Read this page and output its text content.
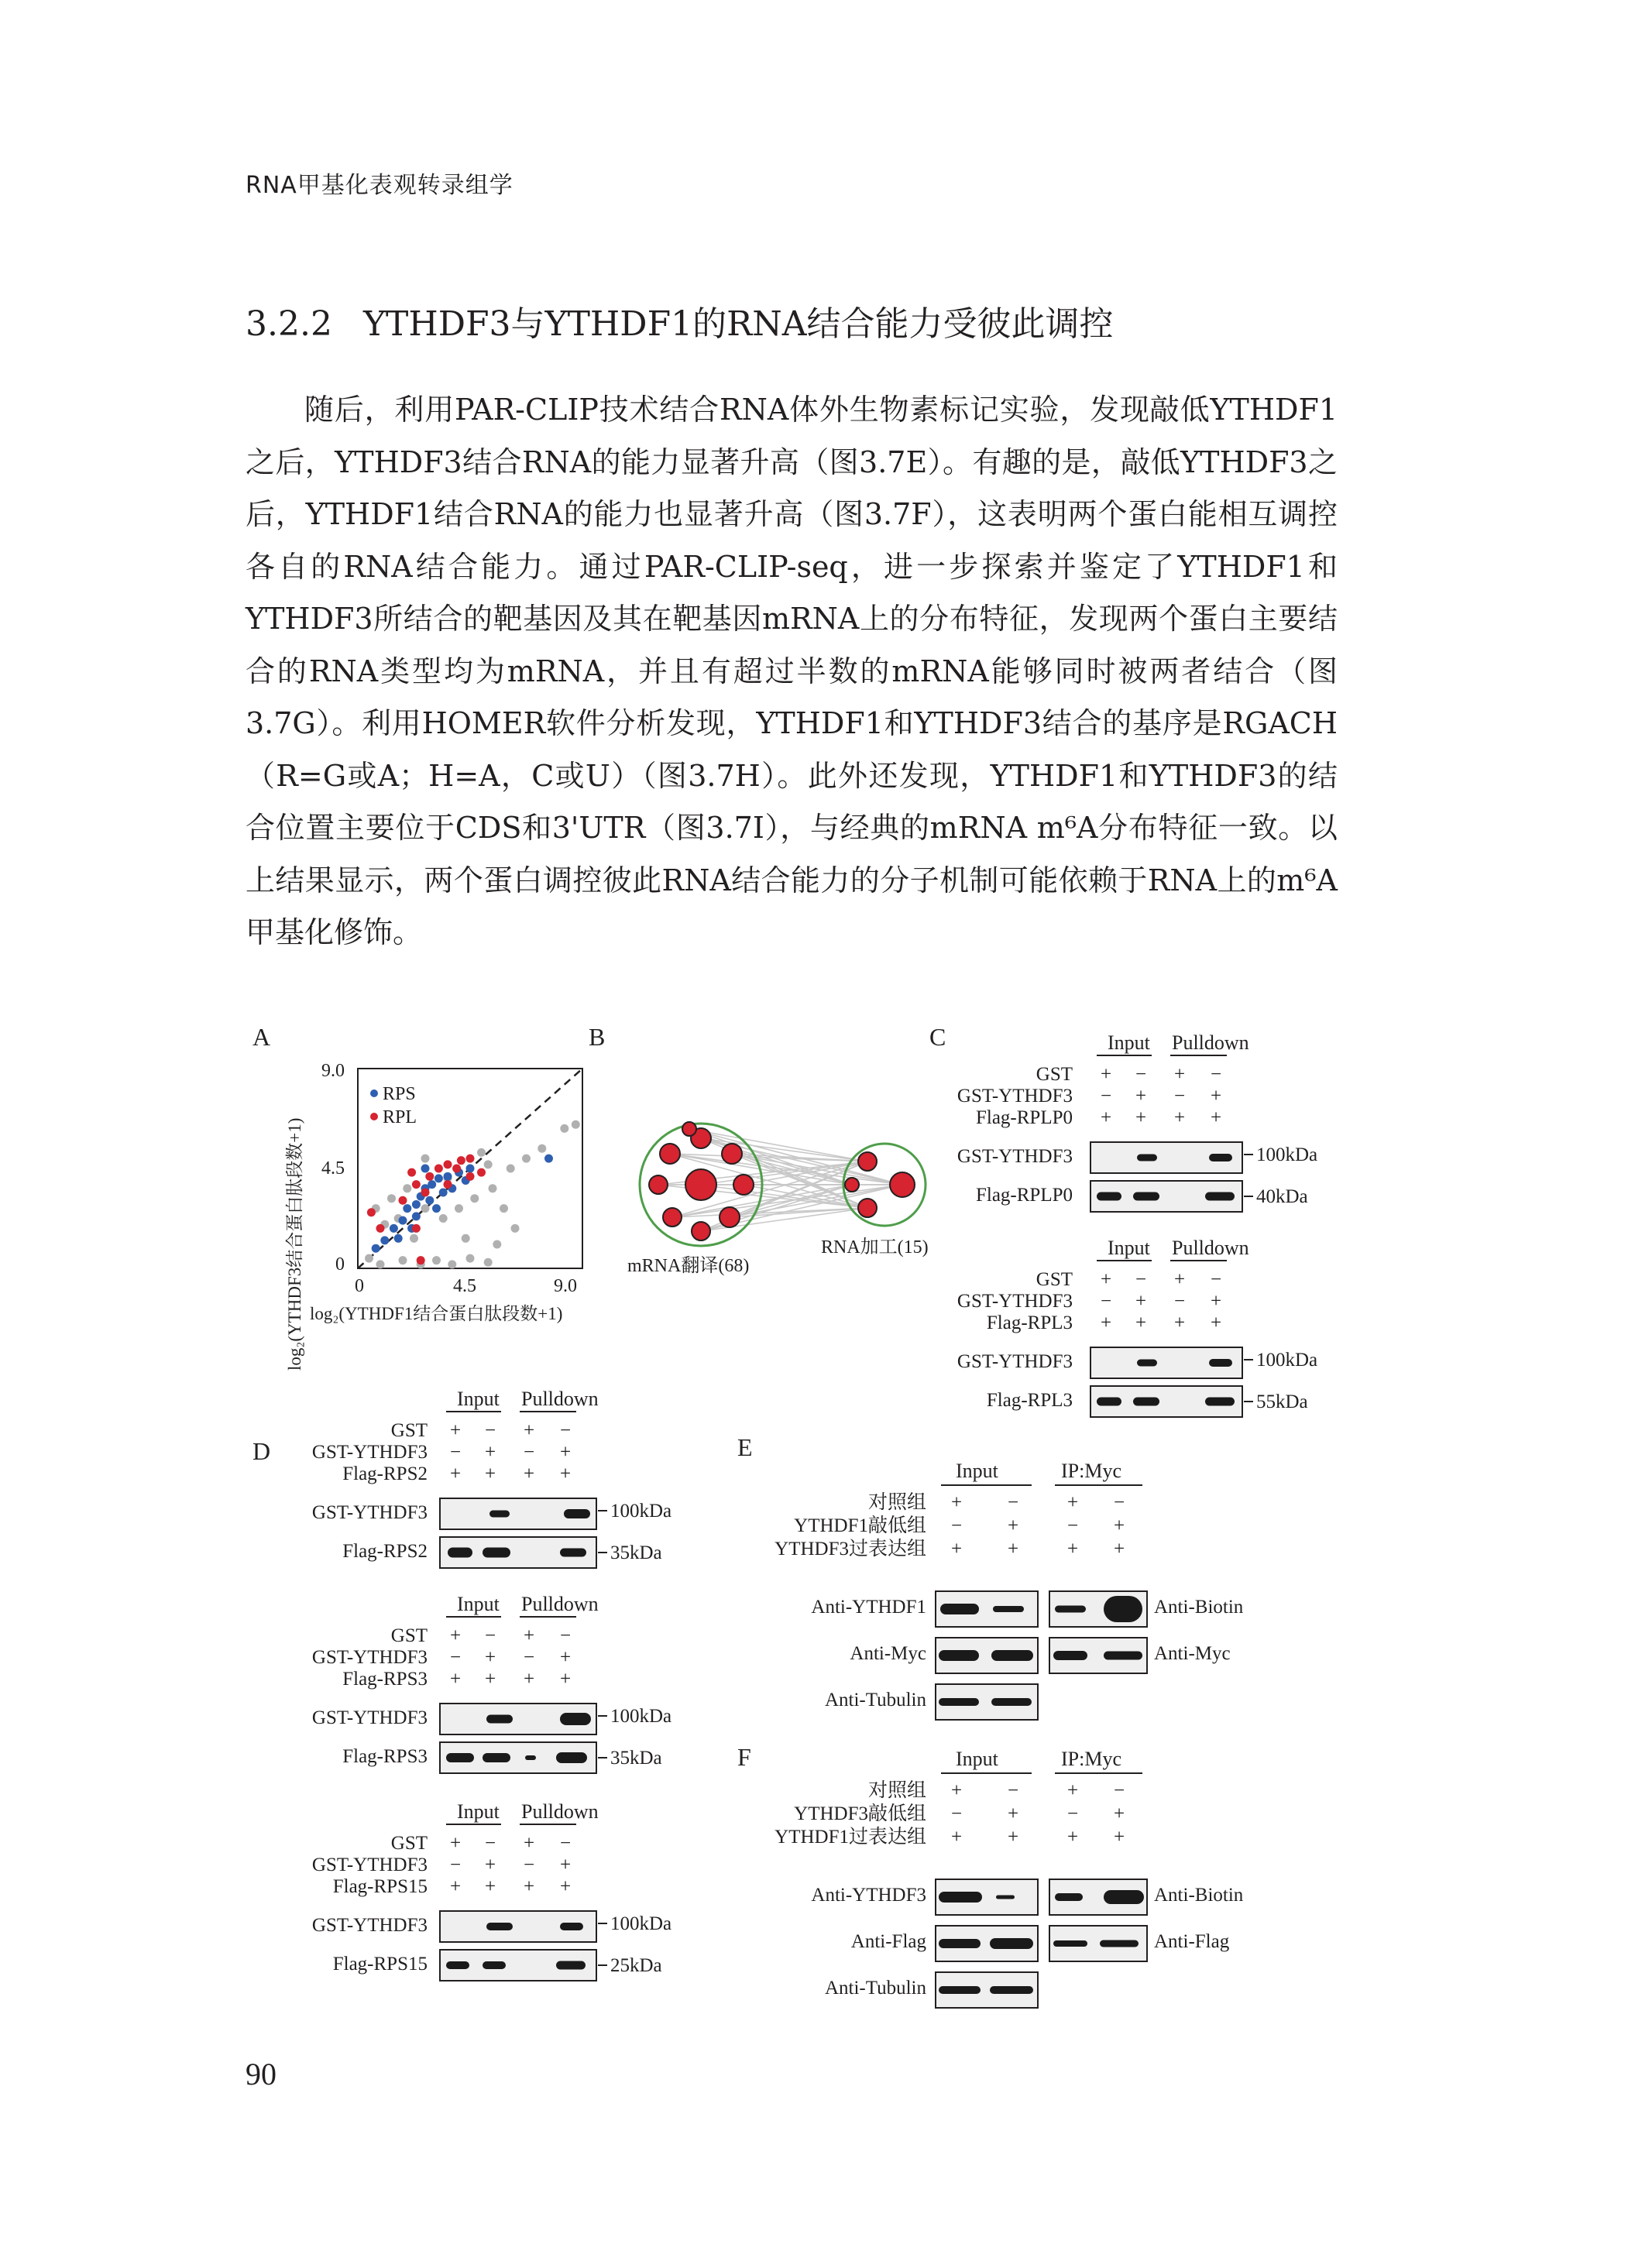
RNA甲基化表观转录组学
3.2.2 YTHDF3与YTHDF1的RNA结合能力受彼此调控

随后，利用PAR-CLIP技术结合RNA体外生物素标记实验，发现敲低YTHDF1之后，YTHDF3结合RNA的能力显著升高（图3.7E）。有趣的是，敲低YTHDF3之后，YTHDF1结合RNA的能力也显著升高（图3.7F），这表明两个蛋白能相互调控各自的RNA结合能力。通过PAR-CLIP-seq，进一步探索并鉴定了YTHDF1和YTHDF3所结合的靶基因及其在靶基因mRNA上的分布特征，发现两个蛋白主要结合的RNA类型均为mRNA，并且有超过半数的mRNA能够同时被两者结合（图3.7G）。利用HOMER软件分析发现，YTHDF1和YTHDF3结合的基序是RGACH（R=G或A；H=A，C或U）（图3.7H）。此外还发现，YTHDF1和YTHDF3的结合位置主要位于CDS和3'UTR（图3.7I），与经典的mRNA m⁶A分布特征一致。以上结果显示，两个蛋白调控彼此RNA结合能力的分子机制可能依赖于RNA上的m⁶A甲基化修饰。

A	B	C
D	E
F
RPS
RPL
9.0
4.5
0
0	4.5	9.0
log₂(YTHDF1结合蛋白肽段数+1)
log₂(YTHDF3结合蛋白肽段数+1)	mRNA翻译(68)
RNA加工(15)
Input Pulldown
GST + − + −
GST-YTHDF3 − + − +
Flag-RPLP0 + + + +
GST-YTHDF3	100kDa
Flag-RPLP0	40kDa
Input Pulldown
GST + − + −
GST-YTHDF3 − + − +
Flag-RPL3 + + + +
GST-YTHDF3	100kDa
Flag-RPL3	55kDa
Input Pulldown
GST + − + −
GST-YTHDF3 − + − +
Flag-RPS2 + + + +
GST-YTHDF3	100kDa
Flag-RPS2	35kDa
Input Pulldown
GST + − + −
GST-YTHDF3 − + − +
Flag-RPS3 + + + +
GST-YTHDF3	100kDa
Flag-RPS3	35kDa
Input Pulldown
GST + − + −
GST-YTHDF3 − + − +
Flag-RPS15 + + + +
GST-YTHDF3	100kDa
Flag-RPS15	25kDa
Input	IP:Myc
对照组 + −	+ −
YTHDF1敲低组 − +	− +
YTHDF3过表达组 + +	+ +
Anti-YTHDF1
Anti-Myc
Anti-Tubulin
Anti-Biotin
Anti-Myc
Input	IP:Myc
对照组 + −	+ −
YTHDF3敲低组 − +	− +
YTHDF1过表达组 + +	+ +
Anti-YTHDF3
Anti-Flag
Anti-Tubulin
Anti-Biotin
Anti-Flag
90
